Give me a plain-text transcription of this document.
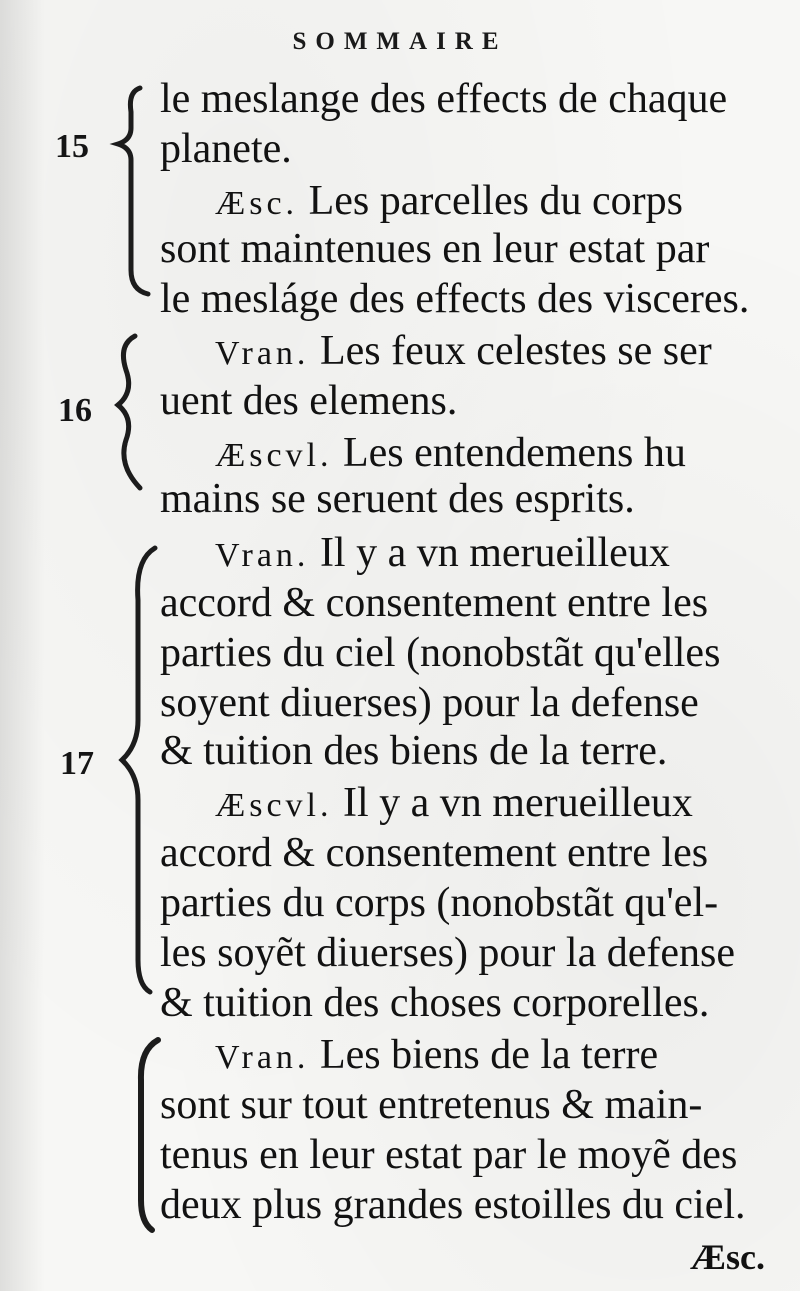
SOMMAIRE
15
16
17
le meslange des effects de chaque
planete.
Æsc. Les parcelles du corps
sont maintenues en leur estat par
le mesláge des effects des visceres.
Vran. Les feux celestes se ser
uent des elemens.
Æscvl. Les entendemens hu
mains se seruent des esprits.
Vran. Il y a vn merueilleux
accord & consentement entre les
parties du ciel (nonobstãt qu'elles
soyent diuerses) pour la defense
& tuition des biens de la terre.
Æscvl. Il y a vn merueilleux
accord & consentement entre les
parties du corps (nonobstãt qu'el-
les soyẽt diuerses) pour la defense
& tuition des choses corporelles.
Vran. Les biens de la terre
sont sur tout entretenus & main-
tenus en leur estat par le moyẽ des
deux plus grandes estoilles du ciel.
Æsc.
